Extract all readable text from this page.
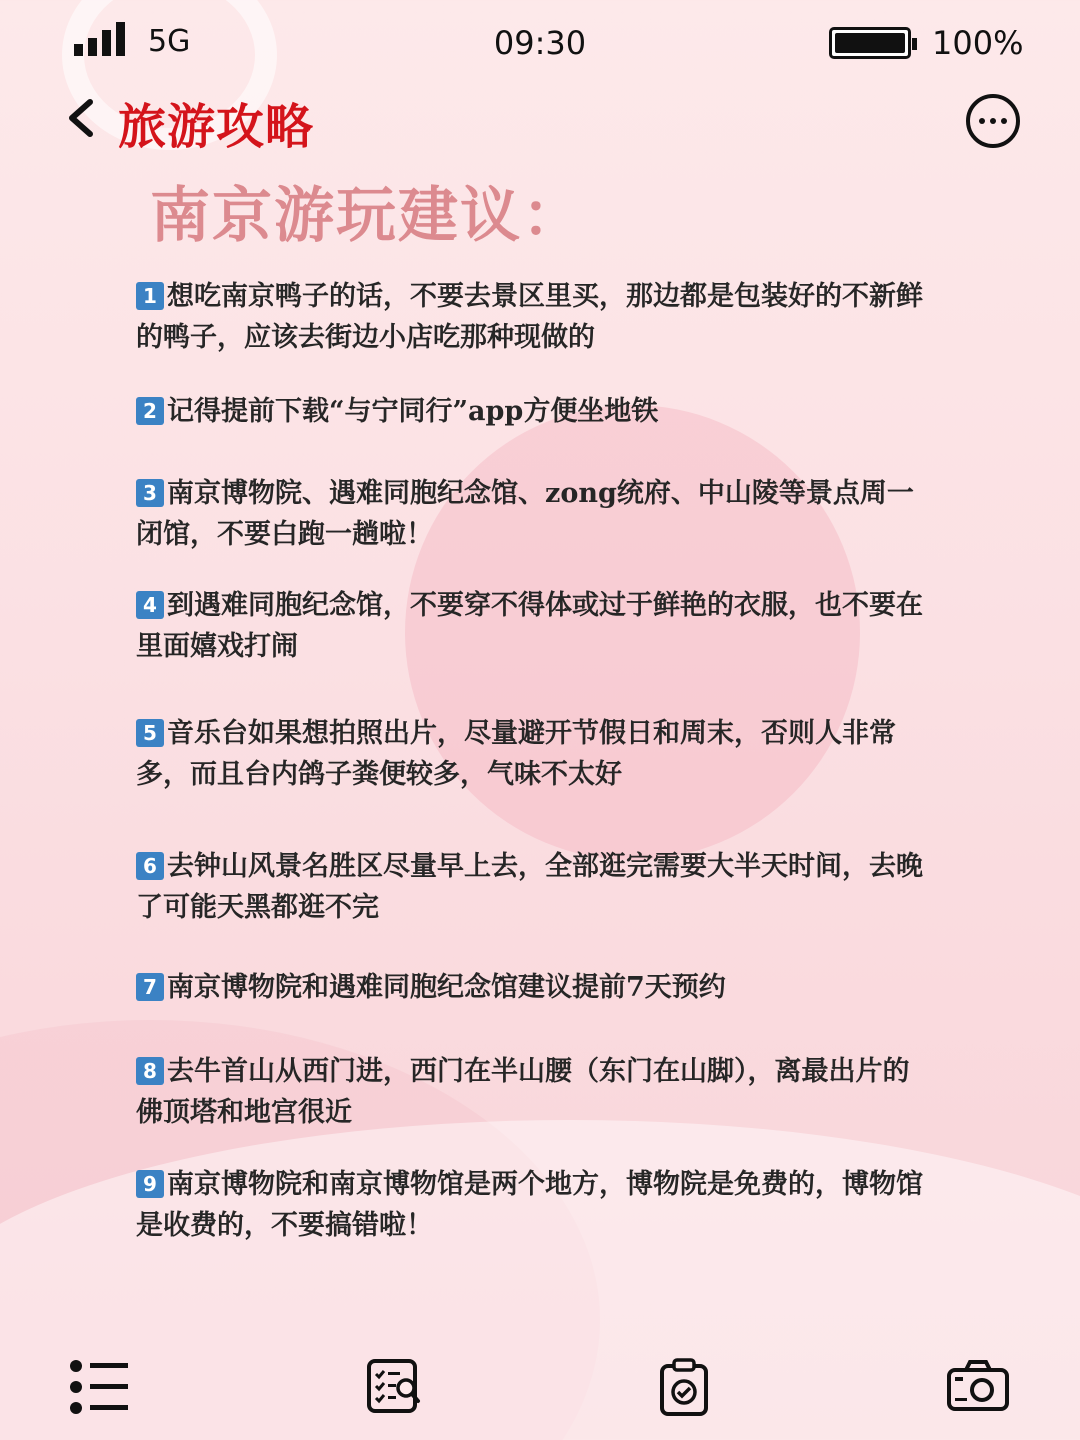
5G	09:30	100%
旅游攻略
南京游玩建议：
1 想吃南京鸭子的话，不要去景区里买，那边都是包装好的不新鲜的鸭子，应该去街边小店吃那种现做的
2 记得提前下载“与宁同行”app方便坐地铁
3 南京博物院、遇难同胞纪念馆、zong统府、中山陵等景点周一闭馆，不要白跑一趟啦！
4 到遇难同胞纪念馆，不要穿不得体或过于鲜艳的衣服，也不要在里面嬉戏打闹
5 音乐台如果想拍照出片，尽量避开节假日和周末，否则人非常多，而且台内鸽子粪便较多，气味不太好
6 去钟山风景名胜区尽量早上去，全部逛完需要大半天时间，去晚了可能天黑都逛不完
7 南京博物院和遇难同胞纪念馆建议提前7天预约
8 去牛首山从西门进，西门在半山腰（东门在山脚），离最出片的佛顶塔和地宫很近
9 南京博物院和南京博物馆是两个地方，博物院是免费的，博物馆是收费的，不要搞错啦！
